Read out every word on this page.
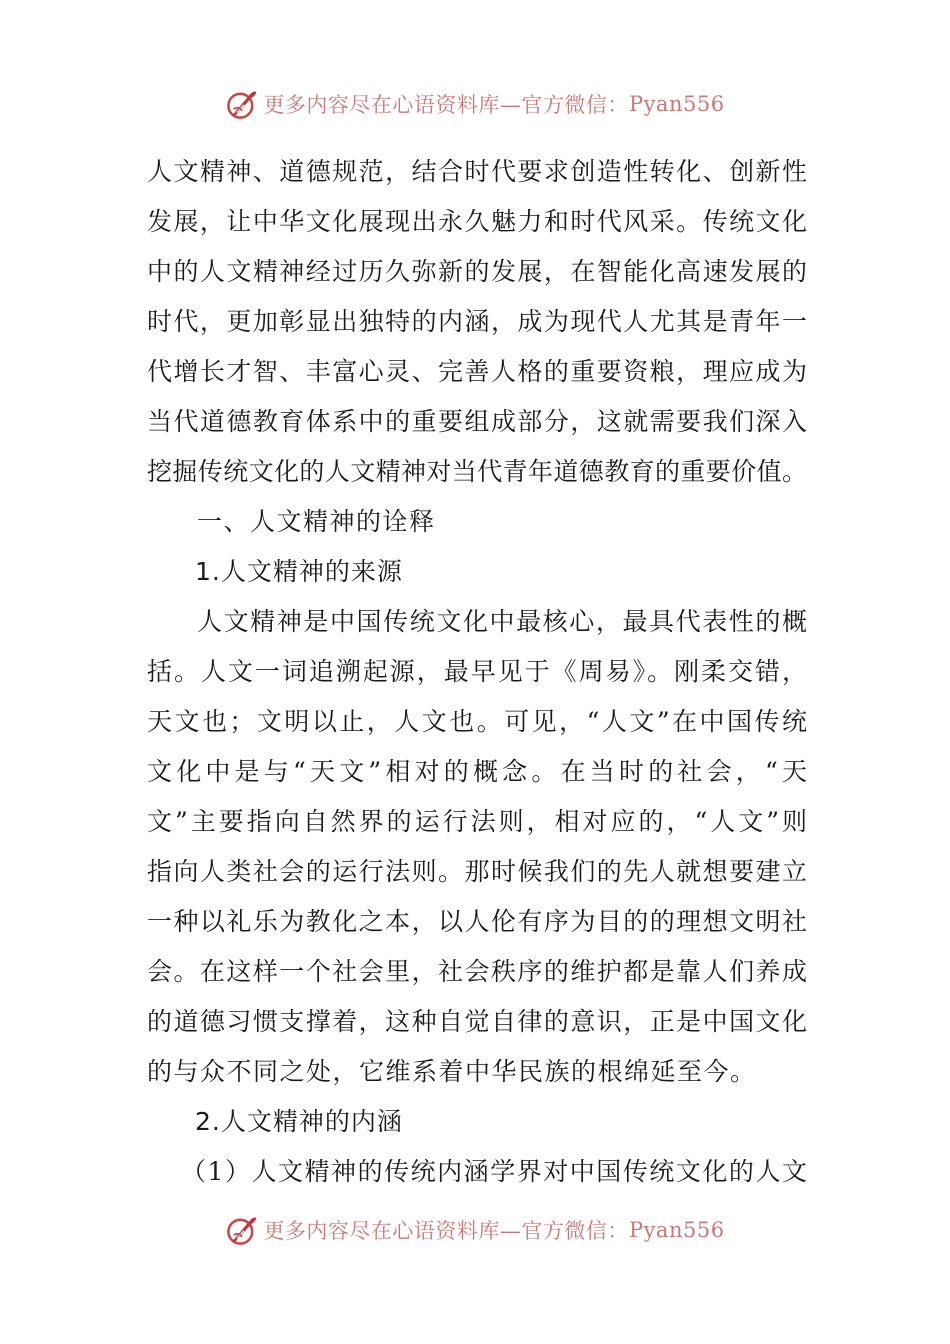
更多内容尽在心语资料库—官方微信： Pyan556
人文精神、道德规范，结合时代要求创造性转化、创新性
发展，让中华文化展现出永久魅力和时代风采。传统文化
中的人文精神经过历久弥新的发展，在智能化高速发展的
时代，更加彰显出独特的内涵，成为现代人尤其是青年一
代增长才智、丰富心灵、完善人格的重要资粮，理应成为
当代道德教育体系中的重要组成部分，这就需要我们深入
挖掘传统文化的人文精神对当代青年道德教育的重要价值。
一、人文精神的诠释
1.人文精神的来源
人文精神是中国传统文化中最核心，最具代表性的概
括。人文一词追溯起源，最早见于《周易》。刚柔交错，
天文也；文明以止，人文也。可见，“人文”在中国传统
文化中是与“天文”相对的概念。在当时的社会，“天
文”主要指向自然界的运行法则，相对应的，“人文”则
指向人类社会的运行法则。那时候我们的先人就想要建立
一种以礼乐为教化之本，以人伦有序为目的的理想文明社
会。在这样一个社会里，社会秩序的维护都是靠人们养成
的道德习惯支撑着，这种自觉自律的意识，正是中国文化
的与众不同之处，它维系着中华民族的根绵延至今。
2.人文精神的内涵
（1）人文精神的传统内涵学界对中国传统文化的人文
更多内容尽在心语资料库—官方微信： Pyan556
